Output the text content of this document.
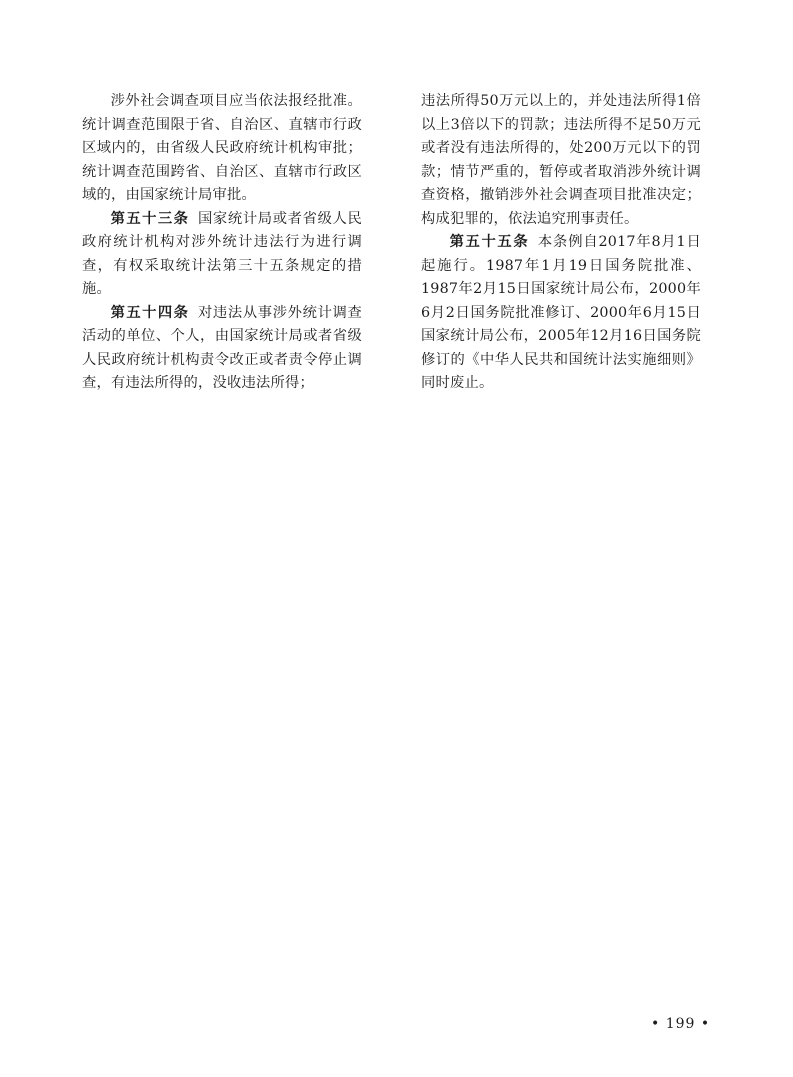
涉外社会调查项目应当依法报经批准。统计调查范围限于省、自治区、直辖市行政区域内的，由省级人民政府统计机构审批；统计调查范围跨省、自治区、直辖市行政区域的，由国家统计局审批。

第五十三条 国家统计局或者省级人民政府统计机构对涉外统计违法行为进行调查，有权采取统计法第三十五条规定的措施。

第五十四条 对违法从事涉外统计调查活动的单位、个人，由国家统计局或者省级人民政府统计机构责令改正或者责令停止调查，有违法所得的，没收违法所得；

违法所得50万元以上的，并处违法所得1倍以上3倍以下的罚款；违法所得不足50万元或者没有违法所得的，处200万元以下的罚款；情节严重的，暂停或者取消涉外统计调查资格，撤销涉外社会调查项目批准决定；构成犯罪的，依法追究刑事责任。

第五十五条 本条例自2017年8月1日起施行。1987年1月19日国务院批准、1987年2月15日国家统计局公布，2000年6月2日国务院批准修订、2000年6月15日国家统计局公布，2005年12月16日国务院修订的《中华人民共和国统计法实施细则》同时废止。

• 199 •
